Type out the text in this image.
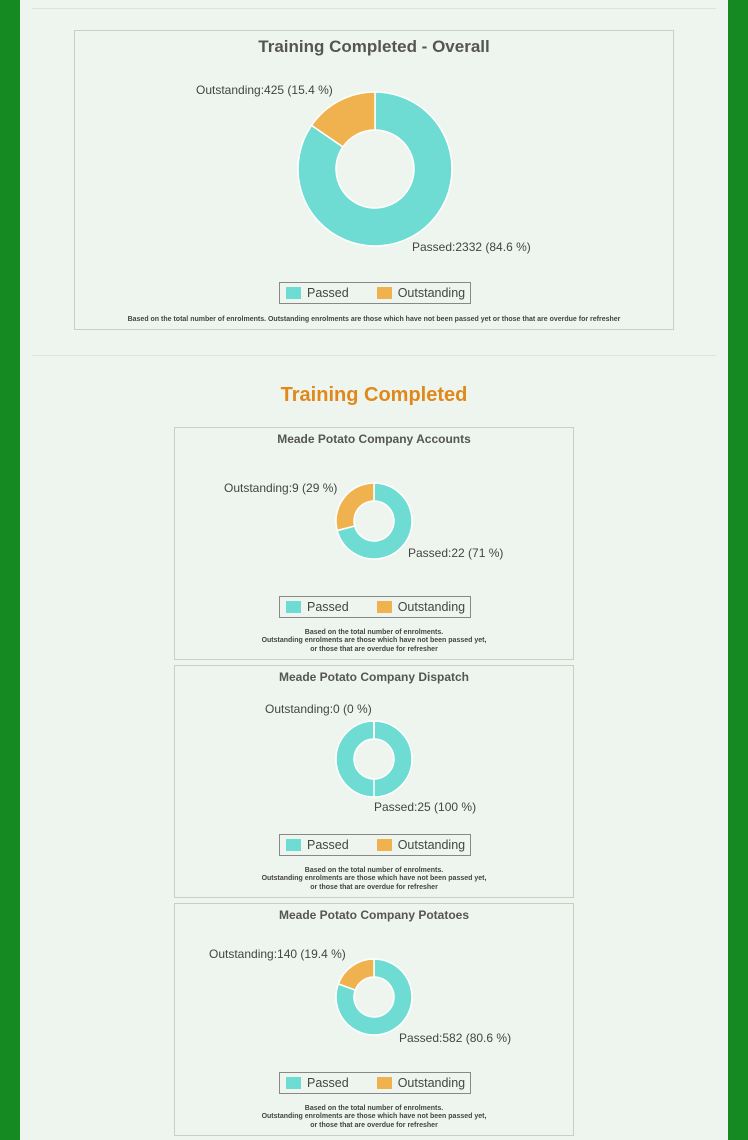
Training Completed - Overall
Outstanding:425 (15.4 %)
Passed:2332 (84.6 %)
Passed	Outstanding
Based on the total number of enrolments. Outstanding enrolments are those which have not been passed yet or those that are overdue for refresher
Training Completed
Meade Potato Company Accounts
Outstanding:9 (29 %)
Passed:22 (71 %)
Passed	Outstanding
Based on the total number of enrolments.
Outstanding enrolments are those which have not been passed yet,
or those that are overdue for refresher
Meade Potato Company Dispatch
Outstanding:0 (0 %)
Passed:25 (100 %)
Passed	Outstanding
Based on the total number of enrolments.
Outstanding enrolments are those which have not been passed yet,
or those that are overdue for refresher
Meade Potato Company Potatoes
Outstanding:140 (19.4 %)
Passed:582 (80.6 %)
Passed	Outstanding
Based on the total number of enrolments.
Outstanding enrolments are those which have not been passed yet,
or those that are overdue for refresher
